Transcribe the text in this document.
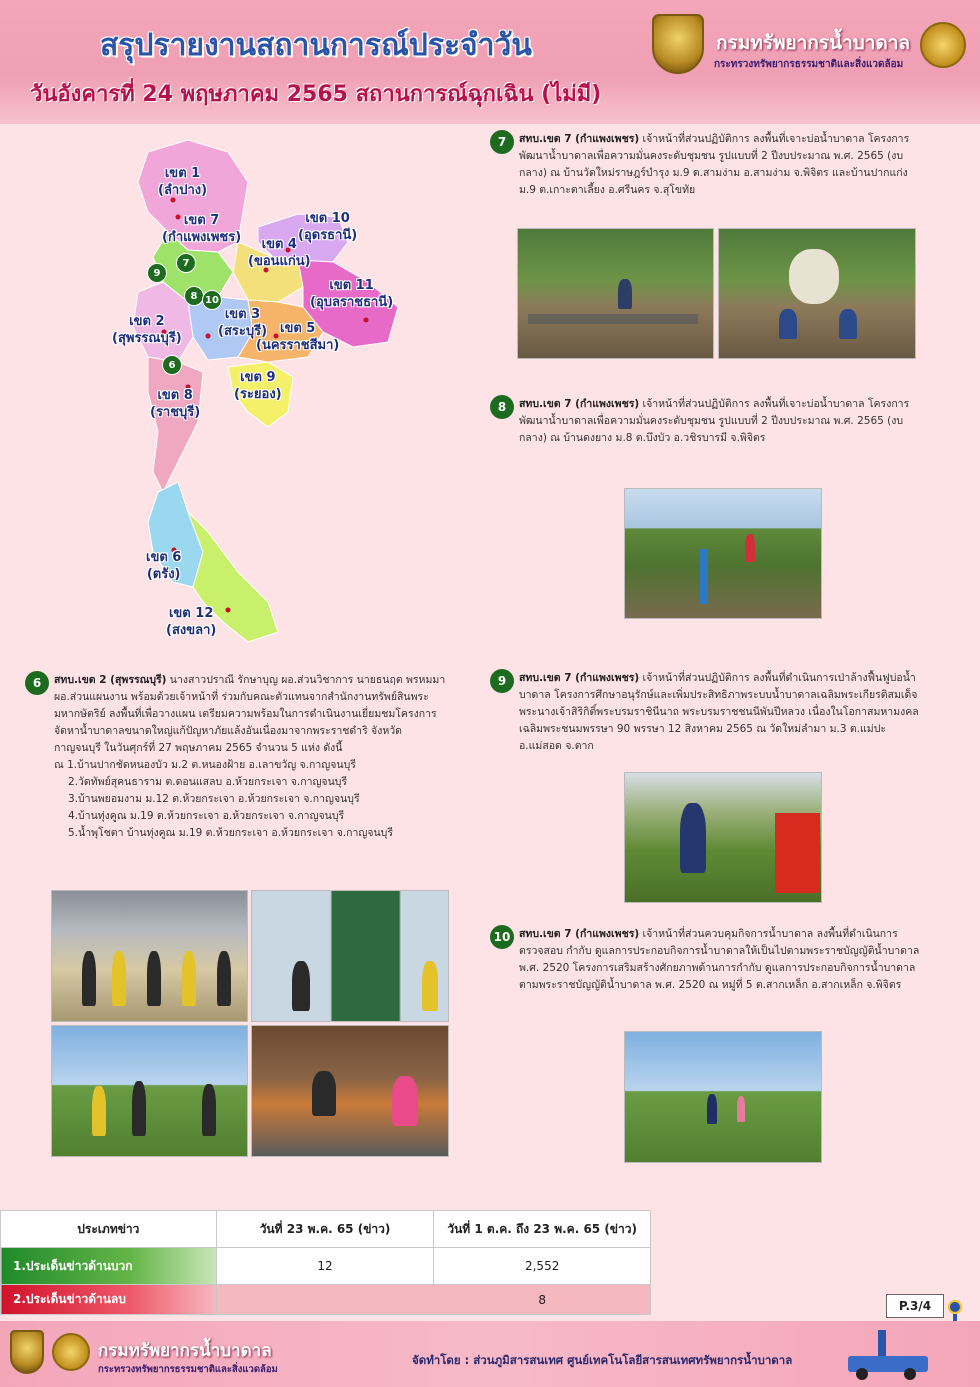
สรุปรายงานสถานการณ์ประจำวัน
วันอังคารที่ 24 พฤษภาคม 2565 สถานการณ์ฉุกเฉิน (ไม่มี)
กรมทรัพยากรน้ำบาดาล
กระทรวงทรัพยากรธรรมชาติและสิ่งแวดล้อม
เขต 1
(ลำปาง)
เขต 7
(กำแพงเพชร)
เขต 10
(อุดรธานี)
เขต 4
(ขอนแก่น)
เขต 11
(อุบลราชธานี)
เขต 3
(สระบุรี)
เขต 2
(สุพรรณบุรี)
เขต 5
(นครราชสีมา)
เขต 9
(ระยอง)
เขต 8
(ราชบุรี)
เขต 6
(ตรัง)
เขต 12
(สงขลา)
7
9
8 10
6
7	สทบ.เขต 7 (กำแพงเพชร) เจ้าหน้าที่ส่วนปฏิบัติการ ลงพื้นที่เจาะบ่อน้ำบาดาล โครงการพัฒนาน้ำบาดาลเพื่อความมั่นคงระดับชุมชน รูปแบบที่ 2 ปีงบประมาณ พ.ศ. 2565 (งบกลาง) ณ บ้านวัดใหม่ราษฎร์บำรุง ม.9 ต.สามง่าม อ.สามง่าม จ.พิจิตร และบ้านปากแก่ง ม.9 ต.เกาะตาเลี้ยง อ.ศรีนคร จ.สุโขทัย
8	สทบ.เขต 7 (กำแพงเพชร) เจ้าหน้าที่ส่วนปฏิบัติการ ลงพื้นที่เจาะบ่อน้ำบาดาล โครงการพัฒนาน้ำบาดาลเพื่อความมั่นคงระดับชุมชน รูปแบบที่ 2 ปีงบประมาณ พ.ศ. 2565 (งบกลาง) ณ บ้านดงยาง ม.8 ต.บึงบัว อ.วชิรบารมี จ.พิจิตร
9	สทบ.เขต 7 (กำแพงเพชร) เจ้าหน้าที่ส่วนปฏิบัติการ ลงพื้นที่ดำเนินการเป่าล้างฟื้นฟูบ่อน้ำบาดาล โครงการศึกษาอนุรักษ์และเพิ่มประสิทธิภาพระบบน้ำบาดาลเฉลิมพระเกียรติสมเด็จพระนางเจ้าสิริกิติ์พระบรมราชินีนาถ พระบรมราชชนนีพันปีหลวง เนื่องในโอกาสมหามงคลเฉลิมพระชนมพรรษา 90 พรรษา 12 สิงหาคม 2565 ณ วัดใหม่ลำมา ม.3 ต.แม่ปะ อ.แม่สอด จ.ตาก
10 สทบ.เขต 7 (กำแพงเพชร) เจ้าหน้าที่ส่วนควบคุมกิจการน้ำบาดาล ลงพื้นที่ดำเนินการตรวจสอบ กำกับ ดูแลการประกอบกิจการน้ำบาดาลให้เป็นไปตามพระราชบัญญัติน้ำบาดาล พ.ศ. 2520 โครงการเสริมสร้างศักยภาพด้านการกำกับ ดูแลการประกอบกิจการน้ำบาดาล ตามพระราชบัญญัติน้ำบาดาล พ.ศ. 2520 ณ หมู่ที่ 5 ต.สากเหล็ก อ.สากเหล็ก จ.พิจิตร
6	สทบ.เขต 2 (สุพรรณบุรี) นางสาวปราณี รักษาบุญ ผอ.ส่วนวิชาการ นายธนฤต พรหมมา ผอ.ส่วนแผนงาน พร้อมด้วยเจ้าหน้าที่ ร่วมกับคณะตัวแทนจากสำนักงานทรัพย์สินพระมหากษัตริย์ ลงพื้นที่เพื่อวางแผน เตรียมความพร้อมในการดำเนินงานเยี่ยมชมโครงการจัดหาน้ำบาดาลขนาดใหญ่แก้ปัญหาภัยแล้งอันเนื่องมาจากพระราชดำริ จังหวัดกาญจนบุรี ในวันศุกร์ที่ 27 พฤษภาคม 2565 จำนวน 5 แห่ง ดังนี้
ณ 1.บ้านปากชัดหนองบัว ม.2 ต.หนองฝ้าย อ.เลาขวัญ จ.กาญจนบุรี
2.วัดทัพย์สุคนธาราม ต.ดอนแสลบ อ.ห้วยกระเจา จ.กาญจนบุรี
3.บ้านพยอมงาม ม.12 ต.ห้วยกระเจา อ.ห้วยกระเจา จ.กาญจนบุรี
4.บ้านทุ่งคูณ ม.19 ต.ห้วยกระเจา อ.ห้วยกระเจา จ.กาญจนบุรี
5.น้ำพุโชตา บ้านทุ่งคูณ ม.19 ต.ห้วยกระเจา อ.ห้วยกระเจา จ.กาญจนบุรี
ประเภทข่าว	วันที่ 23 พ.ค. 65 (ข่าว)	วันที่ 1 ต.ค. ถึง 23 พ.ค. 65 (ข่าว)
1.ประเด็นข่าวด้านบวก	12	2,552
2.ประเด็นข่าวด้านลบ		8	P.3/4
กรมทรัพยากรน้ำบาดาล
กระทรวงทรัพยากรธรรมชาติและสิ่งแวดล้อม
จัดทำโดย : ส่วนภูมิสารสนเทศ ศูนย์เทคโนโลยีสารสนเทศทรัพยากรน้ำบาดาล
